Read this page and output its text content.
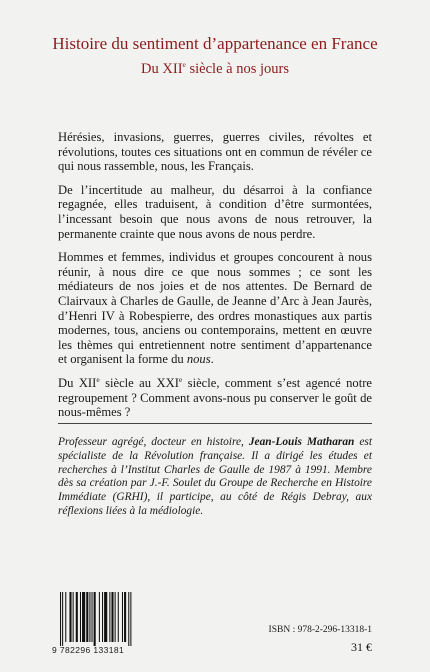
Histoire du sentiment d’appartenance en France
Du XIIe siècle à nos jours

Hérésies, invasions, guerres, guerres civiles, révoltes et révolutions, toutes ces situations ont en commun de révéler ce qui nous rassemble, nous, les Français.

De l’incertitude au malheur, du désarroi à la confiance regagnée, elles traduisent, à condition d’être surmontées, l’incessant besoin que nous avons de nous retrouver, la permanente crainte que nous avons de nous perdre.

Hommes et femmes, individus et groupes concourent à nous réunir, à nous dire ce que nous sommes ; ce sont les médiateurs de nos joies et de nos attentes. De Bernard de Clairvaux à Charles de Gaulle, de Jeanne d’Arc à Jean Jaurès, d’Henri IV à Robespierre, des ordres monastiques aux partis modernes, tous, anciens ou contemporains, mettent en œuvre les thèmes qui entretiennent notre sentiment d’appartenance et organisent la forme du nous.

Du XIIe siècle au XXIe siècle, comment s’est agencé notre regroupement ? Comment avons-nous pu conserver le goût de nous-mêmes ?

Professeur agrégé, docteur en histoire, Jean-Louis Matharan est spécialiste de la Révolution française. Il a dirigé les études et recherches à l’Institut Charles de Gaulle de 1987 à 1991. Membre dès sa création par J.-F. Soulet du Groupe de Recherche en Histoire Immédiate (GRHI), il participe, au côté de Régis Debray, aux réflexions liées à la médiologie.
9 782296 133181
ISBN : 978-2-296-13318-1
31 €
